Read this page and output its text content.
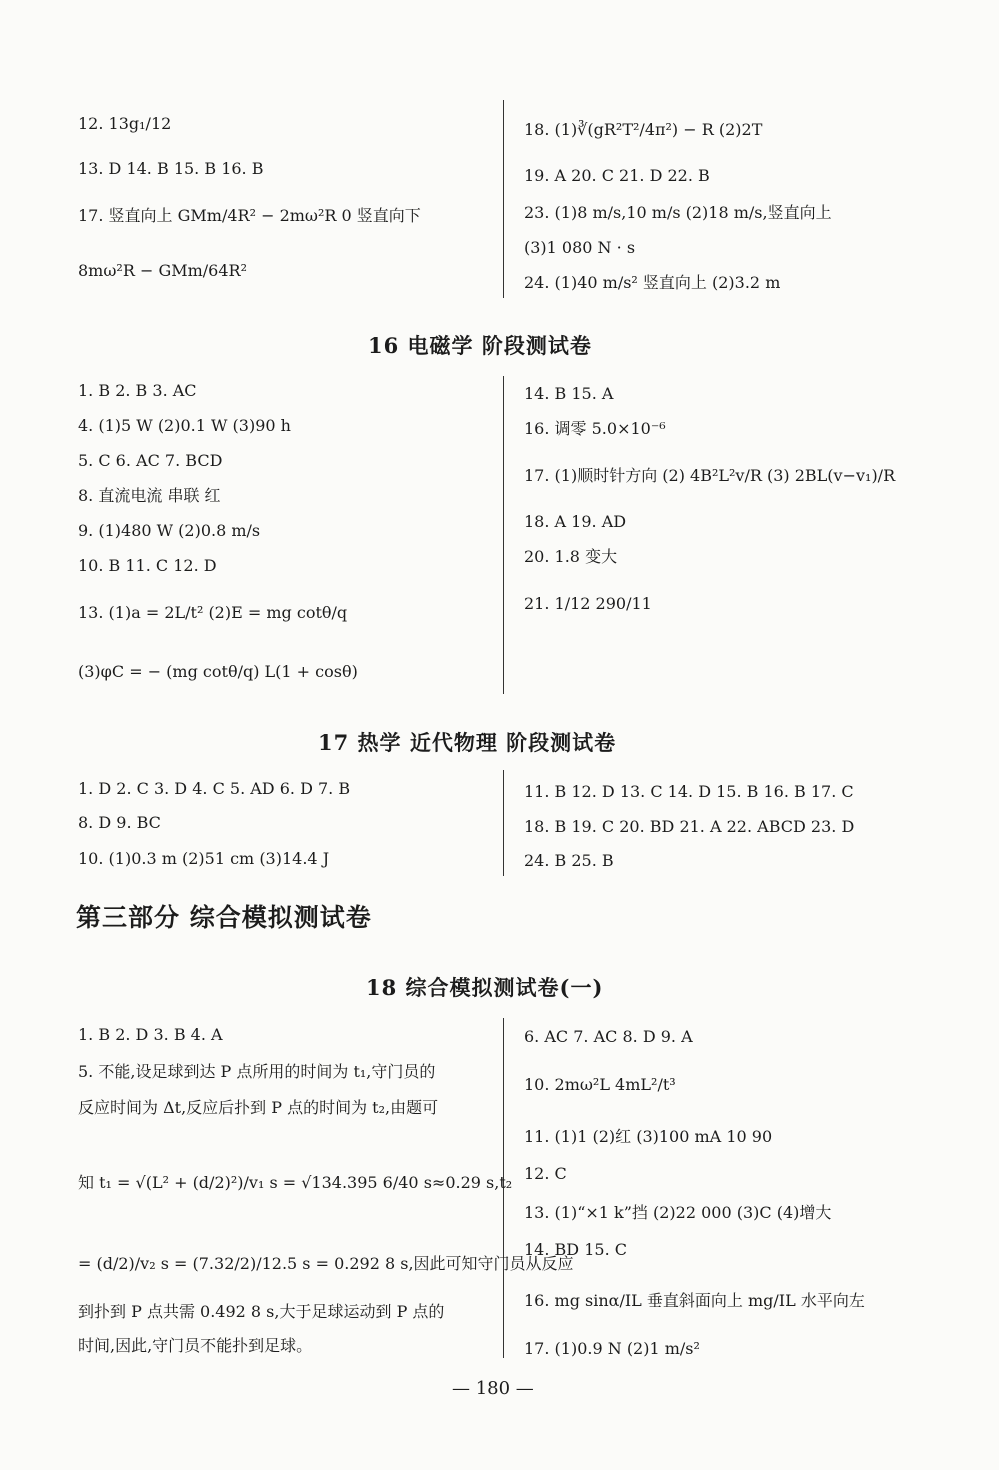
12. 13g₁/12
13. D 14. B 15. B 16. B
17. 竖直向上 GMm/4R² − 2mω²R 0 竖直向下
8mω²R − GMm/64R²
18. (1)∛(gR²T²/4π²) − R (2)2T
19. A 20. C 21. D 22. B
23. (1)8 m/s,10 m/s (2)18 m/s,竖直向上
(3)1 080 N · s
24. (1)40 m/s² 竖直向上 (2)3.2 m
16 电磁学 阶段测试卷
1. B 2. B 3. AC
4. (1)5 W (2)0.1 W (3)90 h
5. C 6. AC 7. BCD
8. 直流电流 串联 红
9. (1)480 W (2)0.8 m/s
10. B 11. C 12. D
13. (1)a = 2L/t² (2)E = mg cotθ/q
(3)φC = − (mg cotθ/q) L(1 + cosθ)
14. B 15. A
16. 调零 5.0×10⁻⁶
17. (1)顺时针方向 (2) 4B²L²v/R (3) 2BL(v−v₁)/R
18. A 19. AD
20. 1.8 变大
21. 1/12 290/11
17 热学 近代物理 阶段测试卷
1. D 2. C 3. D 4. C 5. AD 6. D 7. B
8. D 9. BC
10. (1)0.3 m (2)51 cm (3)14.4 J
11. B 12. D 13. C 14. D 15. B 16. B 17. C
18. B 19. C 20. BD 21. A 22. ABCD 23. D
24. B 25. B
第三部分 综合模拟测试卷
18 综合模拟测试卷(一)
1. B 2. D 3. B 4. A
5. 不能,设足球到达 P 点所用的时间为 t₁,守门员的
反应时间为 Δt,反应后扑到 P 点的时间为 t₂,由题可
知 t₁ = √(L² + (d/2)²)/v₁ s = √134.395 6/40 s≈0.29 s,t₂
= (d/2)/v₂ s = (7.32/2)/12.5 s = 0.292 8 s,因此可知守门员从反应
到扑到 P 点共需 0.492 8 s,大于足球运动到 P 点的
时间,因此,守门员不能扑到足球。
6. AC 7. AC 8. D 9. A
10. 2mω²L 4mL²/t³
11. (1)1 (2)红 (3)100 mA 10 90
12. C
13. (1)“×1 k”挡 (2)22 000 (3)C (4)增大
14. BD 15. C
16. mg sinα/IL 垂直斜面向上 mg/IL 水平向左
17. (1)0.9 N (2)1 m/s²
— 180 —
